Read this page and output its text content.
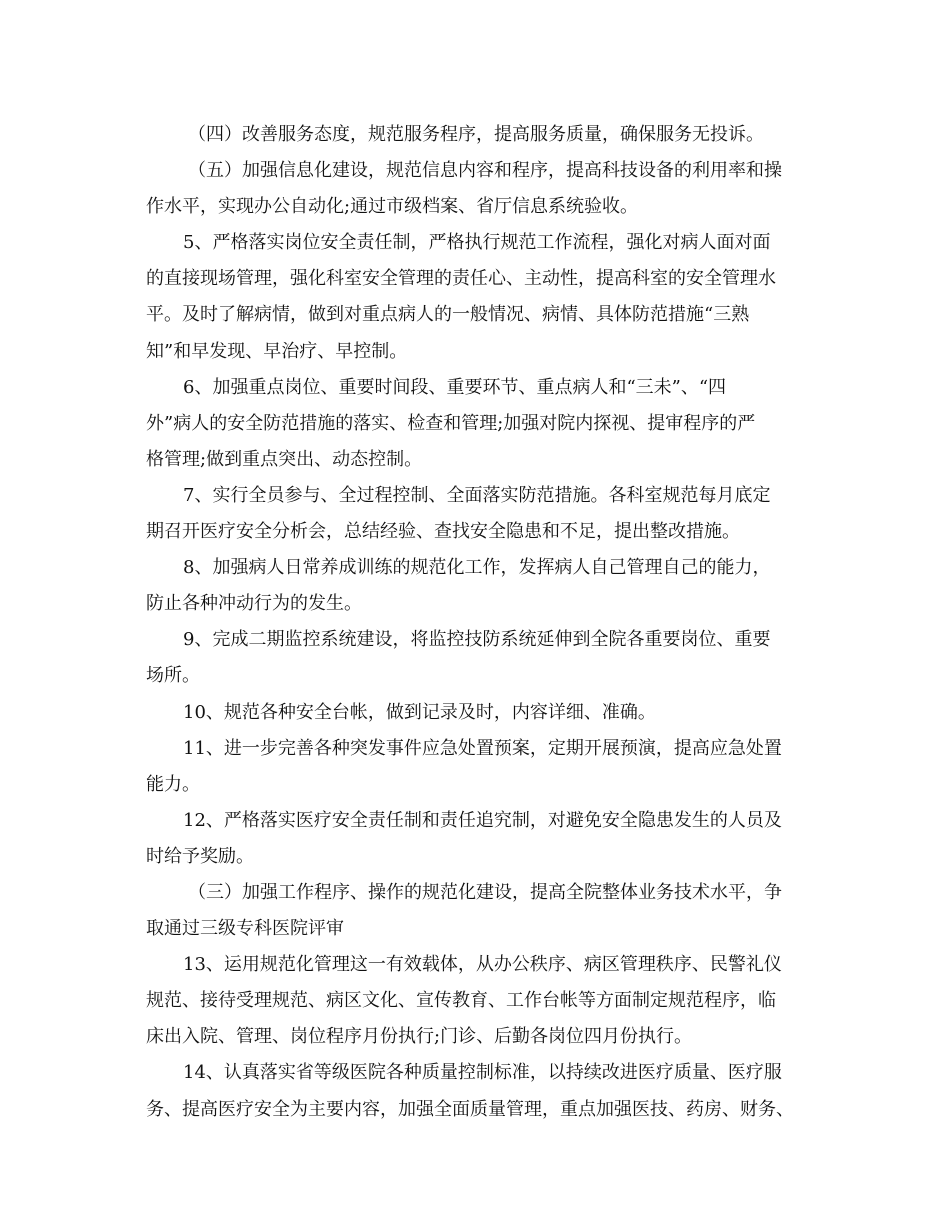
（四）改善服务态度，规范服务程序，提高服务质量，确保服务无投诉。
（五）加强信息化建设，规范信息内容和程序，提高科技设备的利用率和操
作水平，实现办公自动化;通过市级档案、省厅信息系统验收。
5、严格落实岗位安全责任制，严格执行规范工作流程，强化对病人面对面
的直接现场管理，强化科室安全管理的责任心、主动性，提高科室的安全管理水
平。及时了解病情，做到对重点病人的一般情况、病情、具体防范措施“三熟
知”和早发现、早治疗、早控制。
6、加强重点岗位、重要时间段、重要环节、重点病人和“三未”、“四
外”病人的安全防范措施的落实、检查和管理;加强对院内探视、提审程序的严
格管理;做到重点突出、动态控制。
7、实行全员参与、全过程控制、全面落实防范措施。各科室规范每月底定
期召开医疗安全分析会，总结经验、查找安全隐患和不足，提出整改措施。
8、加强病人日常养成训练的规范化工作，发挥病人自己管理自己的能力，
防止各种冲动行为的发生。
9、完成二期监控系统建设，将监控技防系统延伸到全院各重要岗位、重要
场所。
10、规范各种安全台帐，做到记录及时，内容详细、准确。
11、进一步完善各种突发事件应急处置预案，定期开展预演，提高应急处置
能力。
12、严格落实医疗安全责任制和责任追究制，对避免安全隐患发生的人员及
时给予奖励。
（三）加强工作程序、操作的规范化建设，提高全院整体业务技术水平，争
取通过三级专科医院评审
13、运用规范化管理这一有效载体，从办公秩序、病区管理秩序、民警礼仪
规范、接待受理规范、病区文化、宣传教育、工作台帐等方面制定规范程序，临
床出入院、管理、岗位程序月份执行;门诊、后勤各岗位四月份执行。
14、认真落实省等级医院各种质量控制标准，以持续改进医疗质量、医疗服
务、提高医疗安全为主要内容，加强全面质量管理，重点加强医技、药房、财务、
